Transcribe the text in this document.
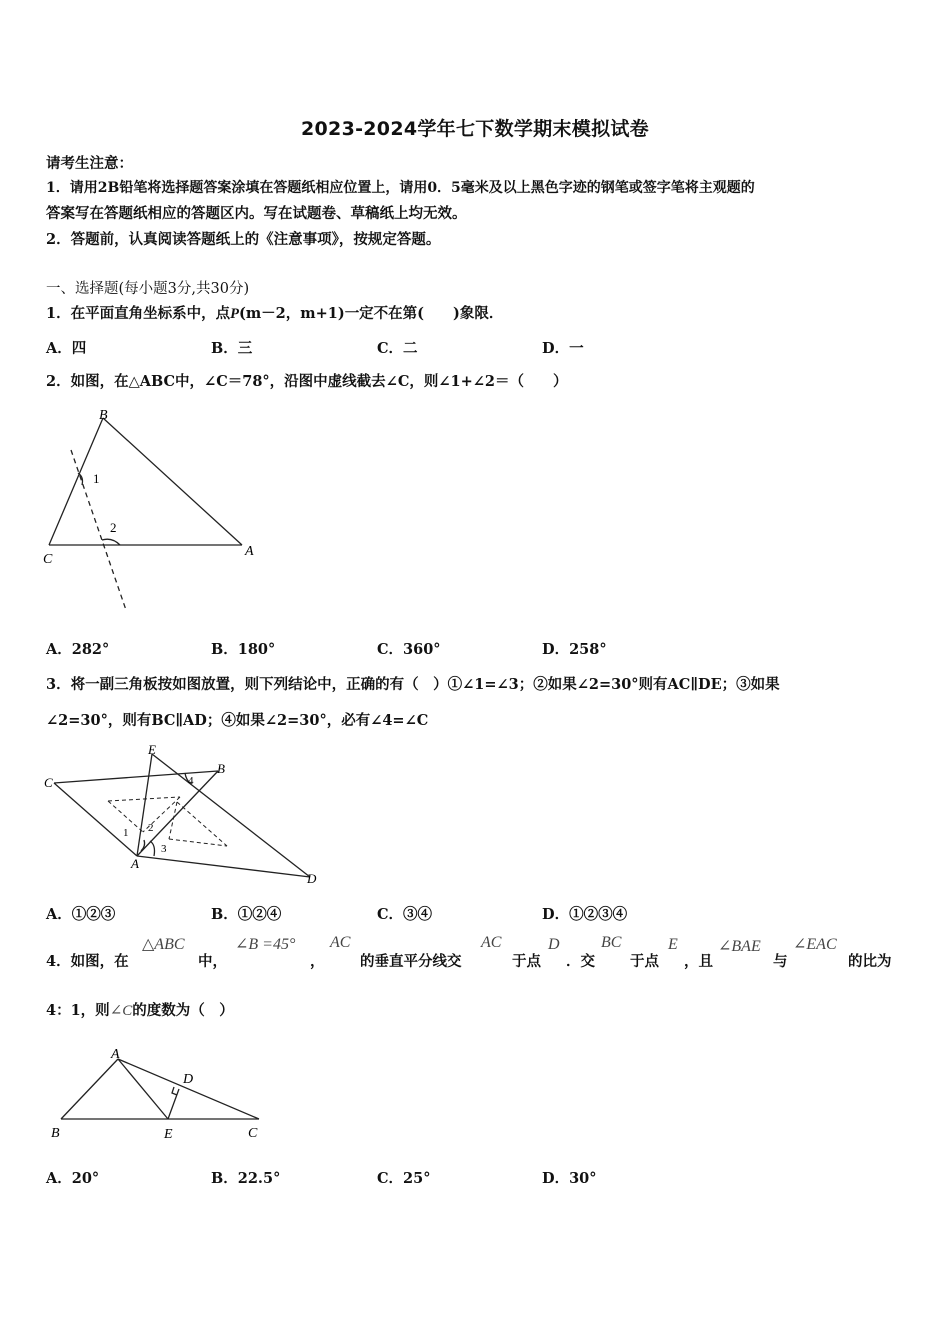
2023-2024学年七下数学期末模拟试卷
请考生注意：
1．请用2B铅笔将选择题答案涂填在答题纸相应位置上，请用0．5毫米及以上黑色字迹的钢笔或签字笔将主观题的
答案写在答题纸相应的答题区内。写在试题卷、草稿纸上均无效。
2．答题前，认真阅读答题纸上的《注意事项》，按规定答题。
一、选择题(每小题3分,共30分)
1．在平面直角坐标系中，点P(m－2，m+1)一定不在第(　　)象限．
A．四	B．三	C．二	D．一
2．如图，在△ABC中，∠C＝78°，沿图中虚线截去∠C，则∠1+∠2＝（　　）
B
1
2
C
A
A．282°	B．180°	C．360°	D．258°
3．将一副三角板按如图放置，则下列结论中，正确的有（　）①∠1=∠3；②如果∠2=30°则有AC∥DE；③如果
∠2=30°，则有BC∥AD；④如果∠2=30°，必有∠4=∠C
E
B
C	4
1 2
3
A
D
A．①②③	B．①②④	C．③④	D．①②③④
4．如图，在
△ABC
中，
∠B =45°
，
AC
的垂直平分线交
AC
于点
D
．交
BC
于点
E
，且
∠BAE
与
∠EAC
的比为
4：1，则∠C的度数为（　）
A
D
B	E	C
A．20°	B．22.5°	C．25°	D．30°
